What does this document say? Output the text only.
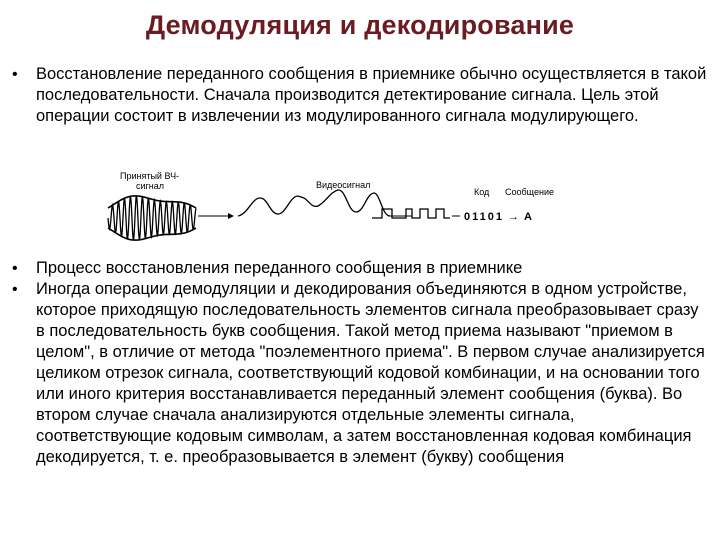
Демодуляция и декодирование
• Восстановление переданного сообщения в приемнике обычно осуществляется в такой последовательности. Сначала производится детектирование сигнала. Цель этой операции состоит в извлечении из модулированного сигнала модулирующего.
Принятый ВЧ-
сигнал	Видеосигнал
Код Сообщение
01101 → А
• Процесс восстановления переданного сообщения в приемнике
• Иногда операции демодуляции и декодирования объединяются в одном устройстве, которое приходящую последовательность элементов сигнала преобразовывает сразу в последовательность букв сообщения. Такой метод приема называют "приемом в целом", в отличие от метода "поэлементного приема". В первом случае анализируется целиком отрезок сигнала, соответствующий кодовой комбинации, и на основании того или иного критерия восстанавливается переданный элемент сообщения (буква). Во втором случае сначала анализируются отдельные элементы сигнала, соответствующие кодовым символам, а затем восстановленная кодовая комбинация декодируется, т. е. преобразовывается в элемент (букву) сообщения
